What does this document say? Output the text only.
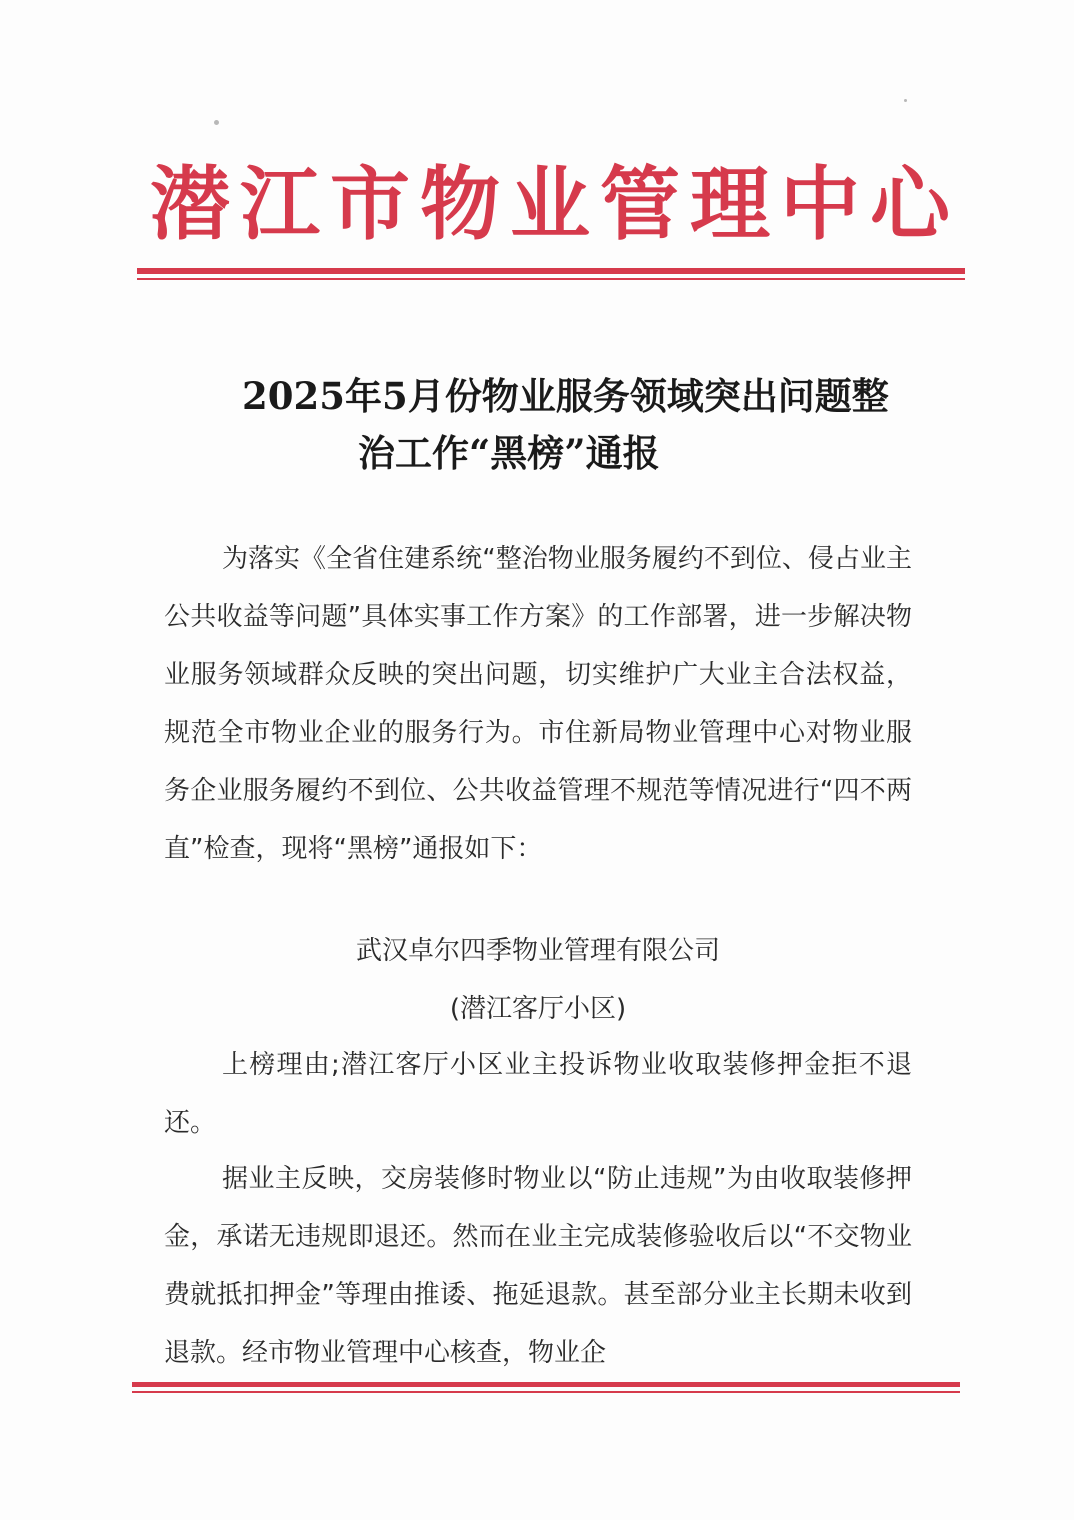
潜 江 市 物 业 管 理 中 心
2025年5月份物业服务领域突出问题整
治工作“黑榜”通报

为落实《全省住建系统“整治物业服务履约不到位、侵占业主公共收益等问题”具体实事工作方案》的工作部署，进一步解决物业服务领域群众反映的突出问题，切实维护广大业主合法权益，规范全市物业企业的服务行为。市住新局物业管理中心对物业服务企业服务履约不到位、公共收益管理不规范等情况进行“四不两直”检查，现将“黑榜”通报如下：

武汉卓尔四季物业管理有限公司
(潜江客厅小区)

上榜理由;潜江客厅小区业主投诉物业收取装修押金拒不退还。

据业主反映，交房装修时物业以“防止违规”为由收取装修押金，承诺无违规即退还。然而在业主完成装修验收后以“不交物业费就抵扣押金”等理由推诿、拖延退款。甚至部分业主长期未收到退款。经市物业管理中心核查，物业企
